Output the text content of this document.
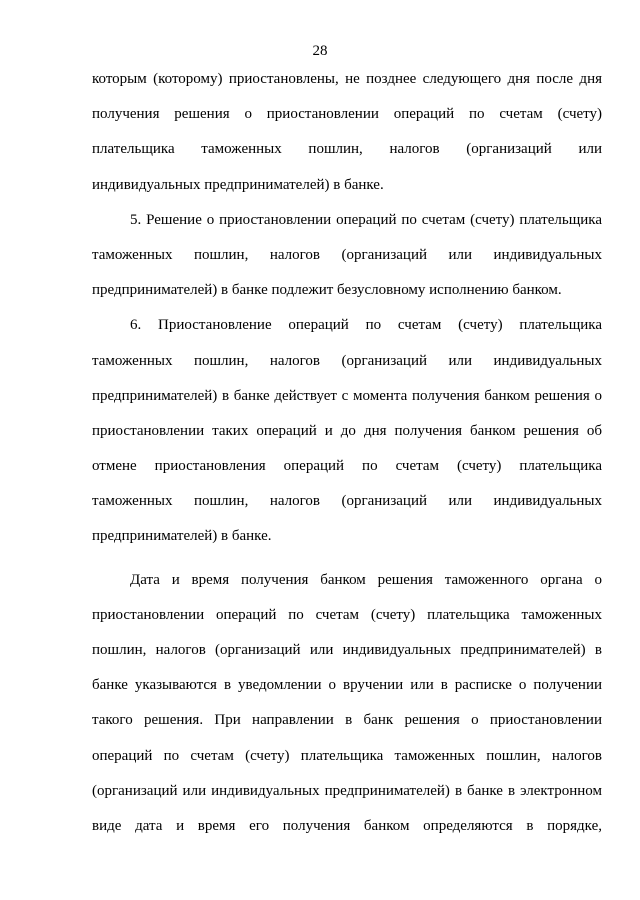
28
которым (которому) приостановлены, не позднее следующего дня после дня
получения решения о приостановлении операций по счетам (счету)
плательщика таможенных пошлин, налогов (организаций или
индивидуальных предпринимателей) в банке.
5. Решение о приостановлении операций по счетам (счету) плательщика
таможенных пошлин, налогов (организаций или индивидуальных
предпринимателей) в банке подлежит безусловному исполнению банком.
6. Приостановление операций по счетам (счету) плательщика
таможенных пошлин, налогов (организаций или индивидуальных
предпринимателей) в банке действует с момента получения банком решения о
приостановлении таких операций и до дня получения банком решения об
отмене приостановления операций по счетам (счету) плательщика
таможенных пошлин, налогов (организаций или индивидуальных
предпринимателей) в банке.
Дата и время получения банком решения таможенного органа о
приостановлении операций по счетам (счету) плательщика таможенных
пошлин, налогов (организаций или индивидуальных предпринимателей) в
банке указываются в уведомлении о вручении или в расписке о получении
такого решения. При направлении в банк решения о приостановлении
операций по счетам (счету) плательщика таможенных пошлин, налогов
(организаций или индивидуальных предпринимателей) в банке в электронном
виде дата и время его получения банком определяются в порядке,
